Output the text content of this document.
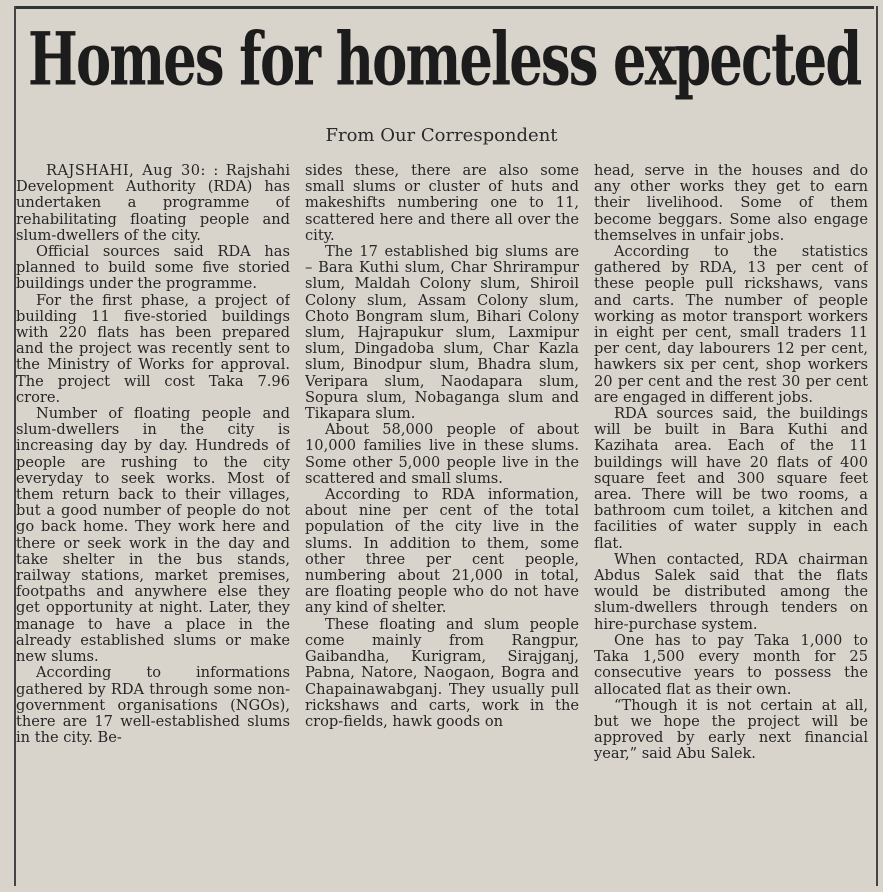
Homes for homeless expected
From Our Correspondent

RAJSHAHI, Aug 30: : Rajshahi Development Authority (RDA) has undertaken a programme of rehabilitating floating people and slum-dwellers of the city.

Official sources said RDA has planned to build some five storied buildings under the programme.

For the first phase, a project of building 11 five-storied buildings with 220 flats has been prepared and the project was recently sent to the Ministry of Works for approval. The project will cost Taka 7.96 crore.

Number of floating people and slum-dwellers in the city is increasing day by day. Hundreds of people are rushing to the city everyday to seek works. Most of them return back to their villages, but a good number of people do not go back home. They work here and there or seek work in the day and take shelter in the bus stands, railway stations, market premises, footpaths and anywhere else they get opportunity at night. Later, they manage to have a place in the already established slums or make new slums.

According to informations gathered by RDA through some non-government organisations (NGOs), there are 17 well-established slums in the city. Be-

sides these, there are also some small slums or cluster of huts and makeshifts numbering one to 11, scattered here and there all over the city.

The 17 established big slums are – Bara Kuthi slum, Char Shrirampur slum, Maldah Colony slum, Shiroil Colony slum, Assam Colony slum, Choto Bongram slum, Bihari Colony slum, Hajrapukur slum, Laxmipur slum, Dingadoba slum, Char Kazla slum, Binodpur slum, Bhadra slum, Veripara slum, Naodapara slum, Sopura slum, Nobaganga slum and Tikapara slum.

About 58,000 people of about 10,000 families live in these slums. Some other 5,000 people live in the scattered and small slums.

According to RDA information, about nine per cent of the total population of the city live in the slums. In addition to them, some other three per cent people, numbering about 21,000 in total, are floating people who do not have any kind of shelter.

These floating and slum people come mainly from Rangpur, Gaibandha, Kurigram, Sirajganj, Pabna, Natore, Naogaon, Bogra and Chapainawabganj. They usually pull rickshaws and carts, work in the crop-fields, hawk goods on

head, serve in the houses and do any other works they get to earn their livelihood. Some of them become beggars. Some also engage themselves in unfair jobs.

According to the statistics gathered by RDA, 13 per cent of these people pull rickshaws, vans and carts. The number of people working as motor transport workers in eight per cent, small traders 11 per cent, day labourers 12 per cent, hawkers six per cent, shop workers 20 per cent and the rest 30 per cent are engaged in different jobs.

RDA sources said, the buildings will be built in Bara Kuthi and Kazihata area. Each of the 11 buildings will have 20 flats of 400 square feet and 300 square feet area. There will be two rooms, a bathroom cum toilet, a kitchen and facilities of water supply in each flat.

When contacted, RDA chairman Abdus Salek said that the flats would be distributed among the slum-dwellers through tenders on hire-purchase system.

One has to pay Taka 1,000 to Taka 1,500 every month for 25 consecutive years to possess the allocated flat as their own.

“Though it is not certain at all, but we hope the project will be approved by early next financial year,” said Abu Salek.
